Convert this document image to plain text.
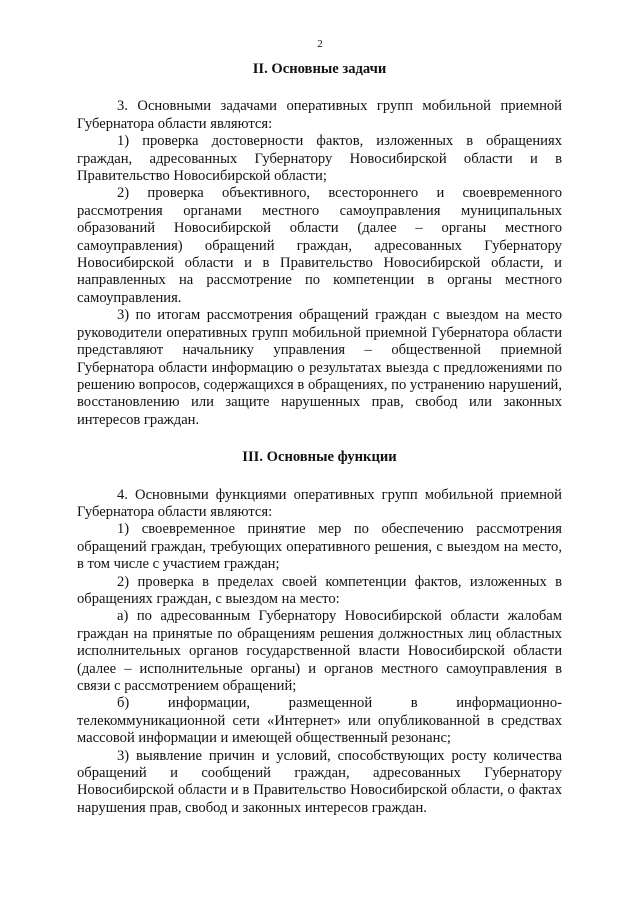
2

II. Основные задачи

3. Основными задачами оперативных групп мобильной приемной Губернатора области являются:

1) проверка достоверности фактов, изложенных в обращениях граждан, адресованных Губернатору Новосибирской области и в Правительство Новосибирской области;

2) проверка объективного, всестороннего и своевременного рассмотрения органами местного самоуправления муниципальных образований Новосибирской области (далее – органы местного самоуправления) обращений граждан, адресованных Губернатору Новосибирской области и в Правительство Новосибирской области, и направленных на рассмотрение по компетенции в органы местного самоуправления.

3) по итогам рассмотрения обращений граждан с выездом на место руководители оперативных групп мобильной приемной Губернатора области представляют начальнику управления – общественной приемной Губернатора области информацию о результатах выезда с предложениями по решению вопросов, содержащихся в обращениях, по устранению нарушений, восстановлению или защите нарушенных прав, свобод или законных интересов граждан.

III. Основные функции

4. Основными функциями оперативных групп мобильной приемной Губернатора области являются:

1) своевременное принятие мер по обеспечению рассмотрения обращений граждан, требующих оперативного решения, с выездом на место, в том числе с участием граждан;

2) проверка в пределах своей компетенции фактов, изложенных в обращениях граждан, с выездом на место:

а) по адресованным Губернатору Новосибирской области жалобам граждан на принятые по обращениям решения должностных лиц областных исполнительных органов государственной власти Новосибирской области (далее – исполнительные органы) и органов местного самоуправления в связи с рассмотрением обращений;

б) информации, размещенной в информационно-телекоммуникационной сети «Интернет» или опубликованной в средствах массовой информации и имеющей общественный резонанс;

3) выявление причин и условий, способствующих росту количества обращений и сообщений граждан, адресованных Губернатору Новосибирской области и в Правительство Новосибирской области, о фактах нарушения прав, свобод и законных интересов граждан.
